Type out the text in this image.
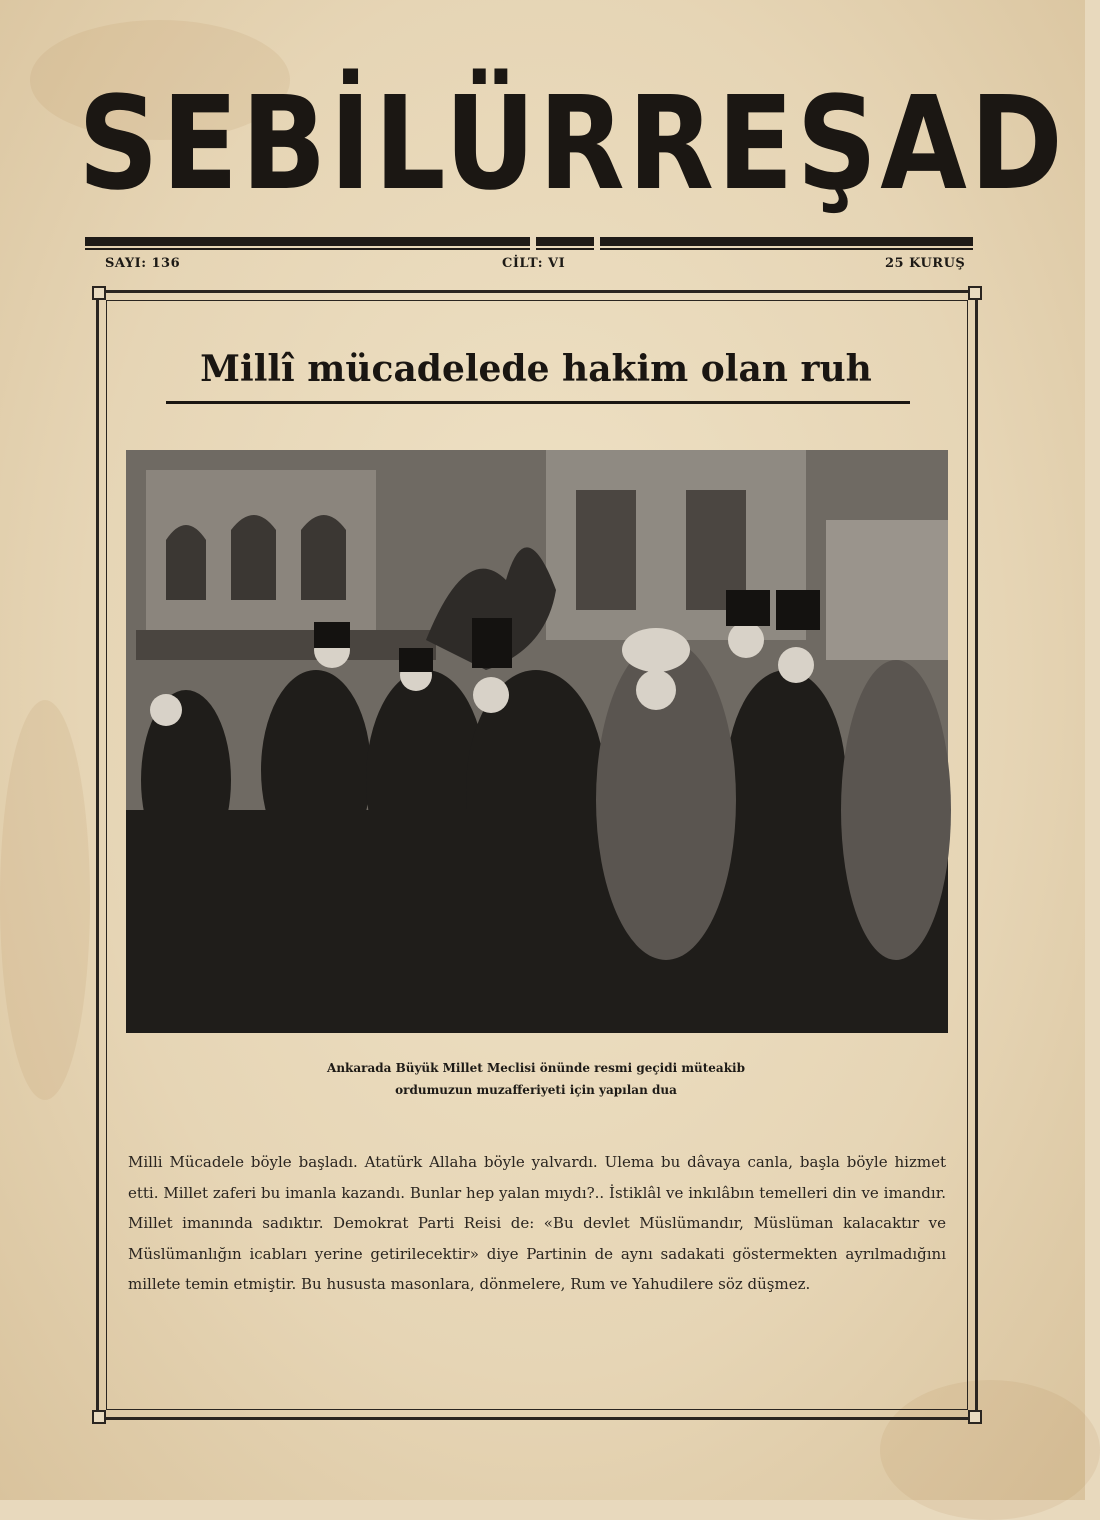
SEBİLÜRREŞAD
SAYI: 136	CİLT: VI	25 KURUŞ
Millî mücadelede hakim olan ruh
Ankarada Büyük Millet Meclisi önünde resmi geçidi müteakib
ordumuzun muzafferiyeti için yapılan dua
Milli Mücadele böyle başladı. Atatürk Allaha böyle yalvardı. Ulema bu dâvaya canla, başla böyle hizmet etti. Millet zaferi bu imanla kazandı. Bunlar hep yalan mıydı?.. İstiklâl ve inkılâbın temelleri din ve imandır. Millet imanında sadıktır. Demokrat Parti Reisi de: «Bu devlet Müslümandır, Müslüman kalacaktır ve Müslümanlığın icabları yerine getirilecektir» diye Partinin de aynı sadakati göstermekten ayrılmadığını millete temin etmiştir. Bu hususta masonlara, dönmelere, Rum ve Yahudilere söz düşmez.
